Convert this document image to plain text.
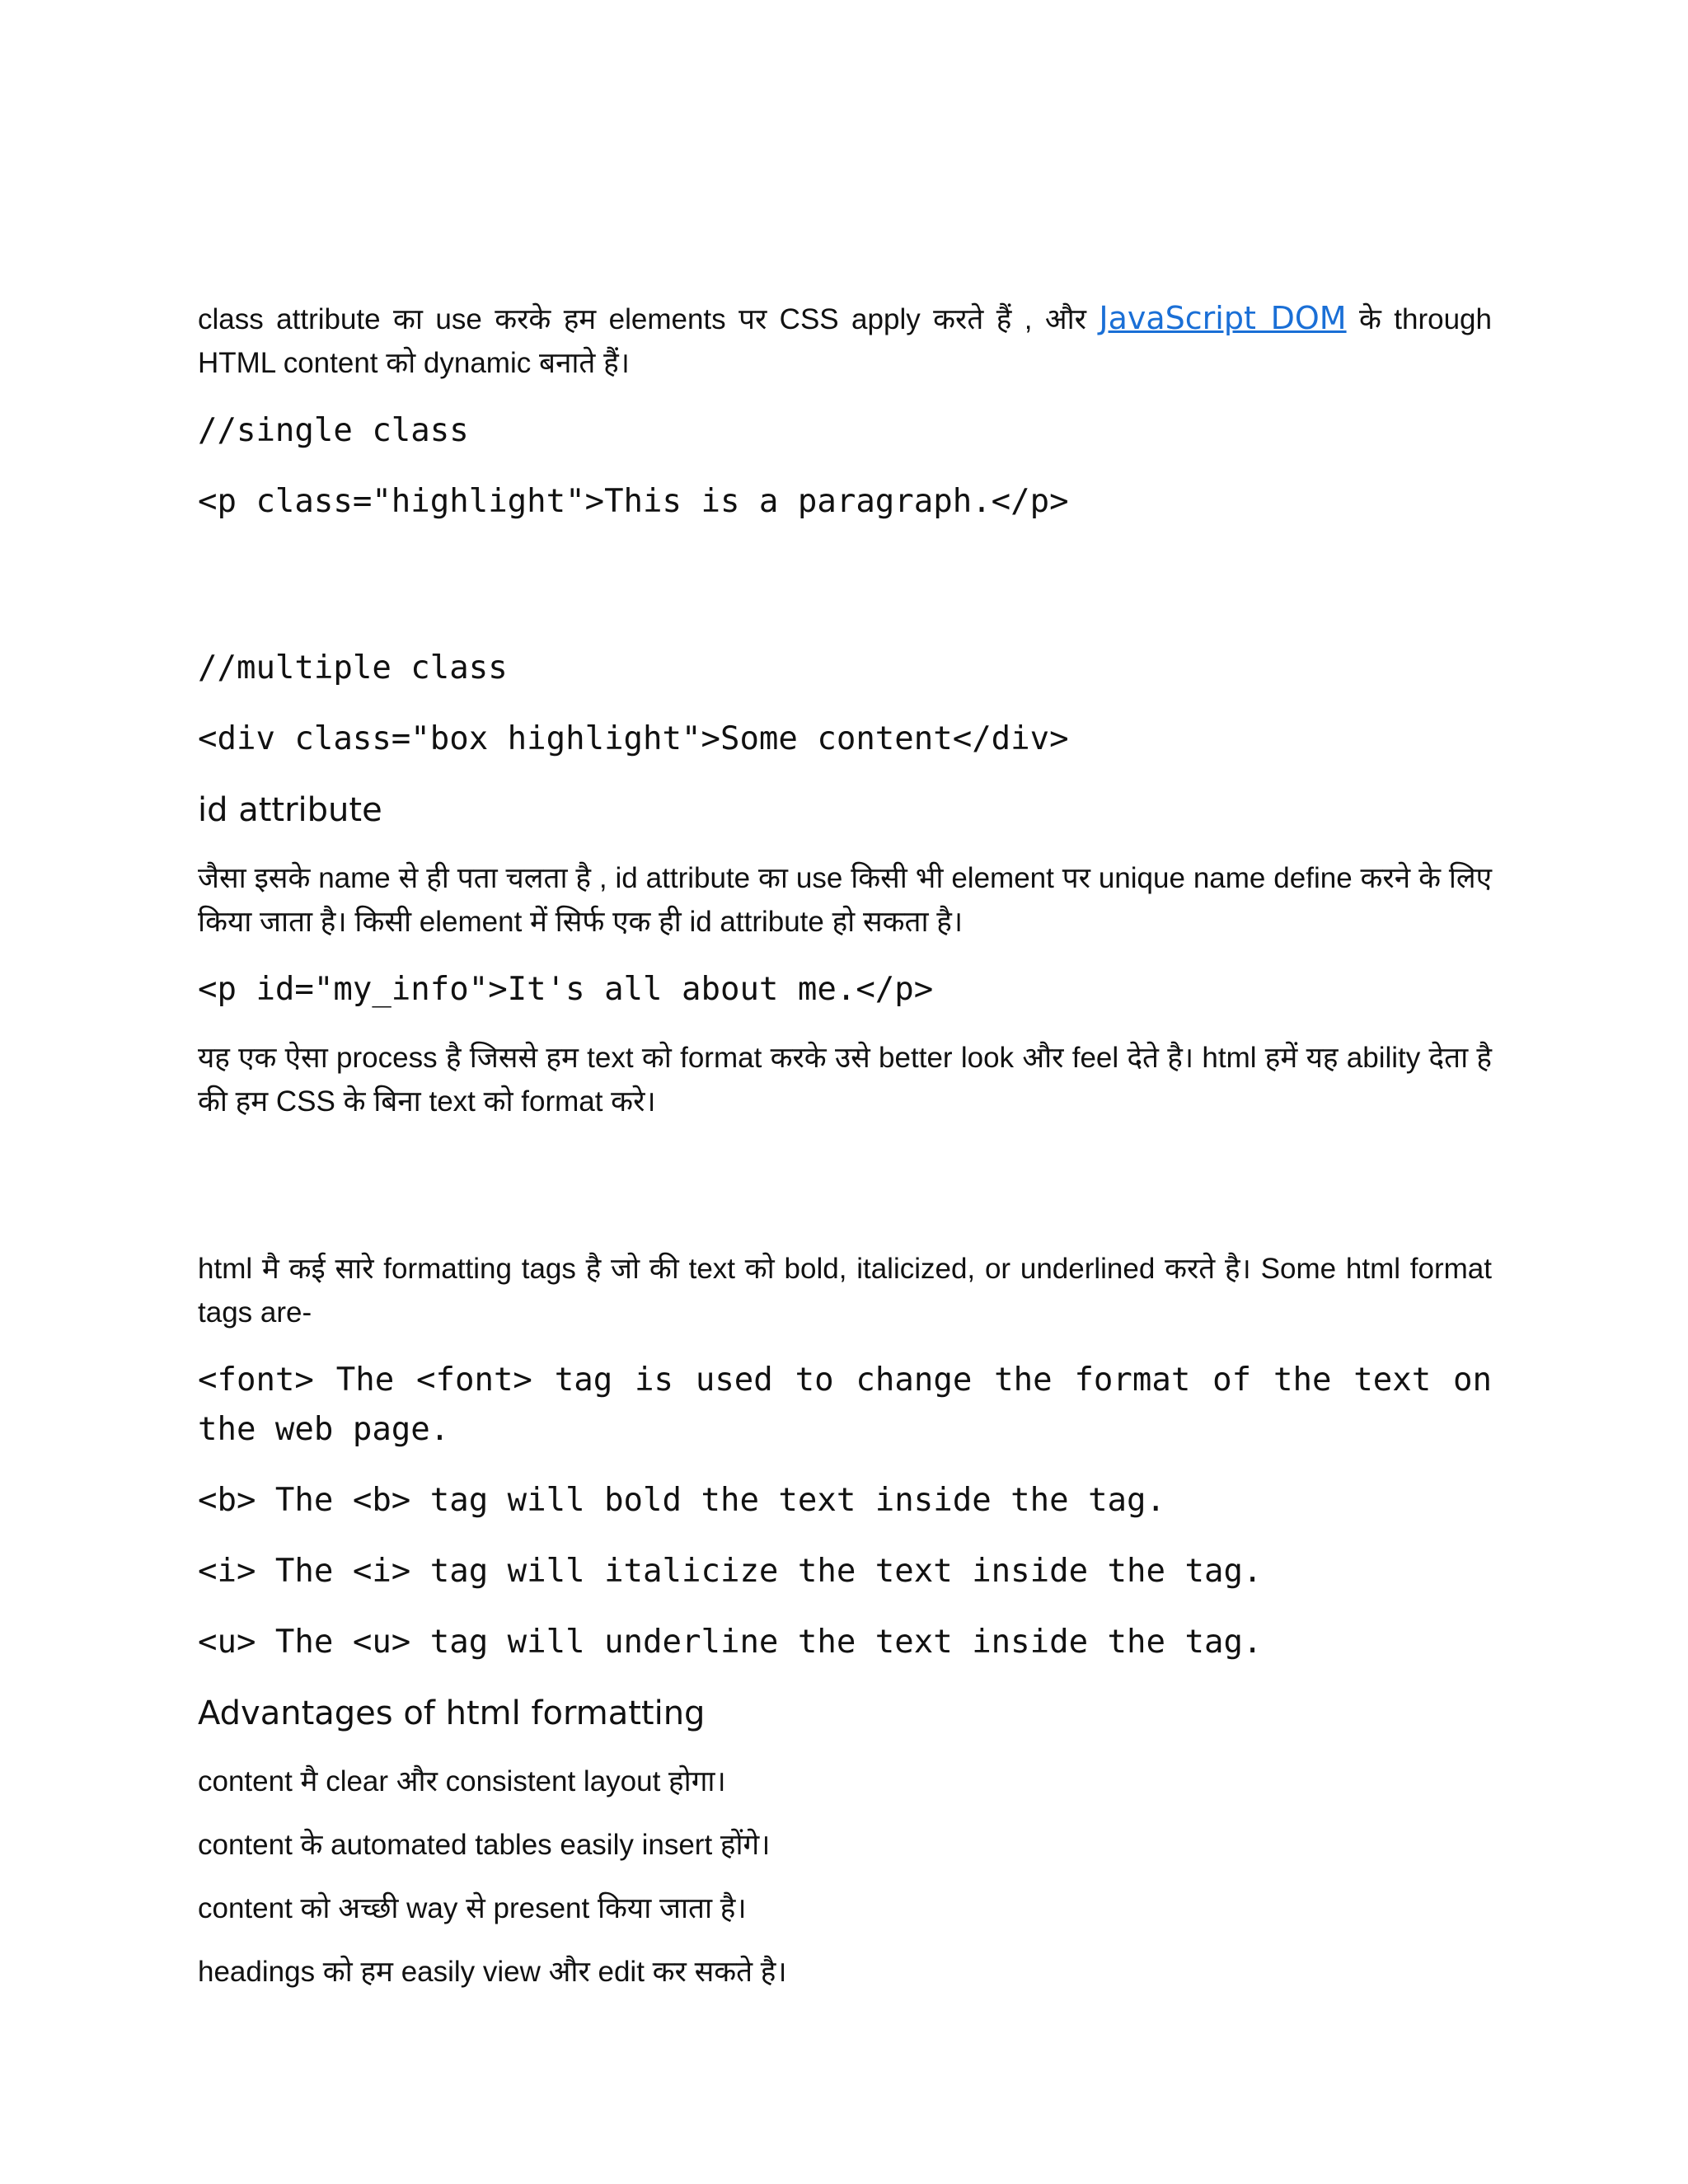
class attribute का use करके हम elements पर CSS apply करते हैं , और JavaScript DOM के through HTML content को dynamic बनाते हैं।

//single class

<p class="highlight">This is a paragraph.</p>

//multiple class

<div class="box highlight">Some content</div>

id attribute

जैसा इसके name से ही पता चलता है , id attribute का use किसी भी element पर unique name define करने के लिए किया जाता है। किसी element में सिर्फ एक ही id attribute हो सकता है।

<p id="my_info">It's all about me.</p>

यह एक ऐसा process है जिससे हम text को format करके उसे better look और feel देते है। html हमें यह ability देता है की हम CSS के बिना text को format करे।

html मै कई सारे formatting tags है जो की text को bold, italicized, or underlined करते है। Some html format tags are-

<font> The <font> tag is used to change the format of the text on the web page.

<b> The <b> tag will bold the text inside the tag.

<i> The <i> tag will italicize the text inside the tag.

<u> The <u> tag will underline the text inside the tag.

Advantages of html formatting

content मै clear और consistent layout होगा।

content के automated tables easily insert होंगे।

content को अच्छी way से present किया जाता है।

headings को हम easily view और edit कर सकते है।
